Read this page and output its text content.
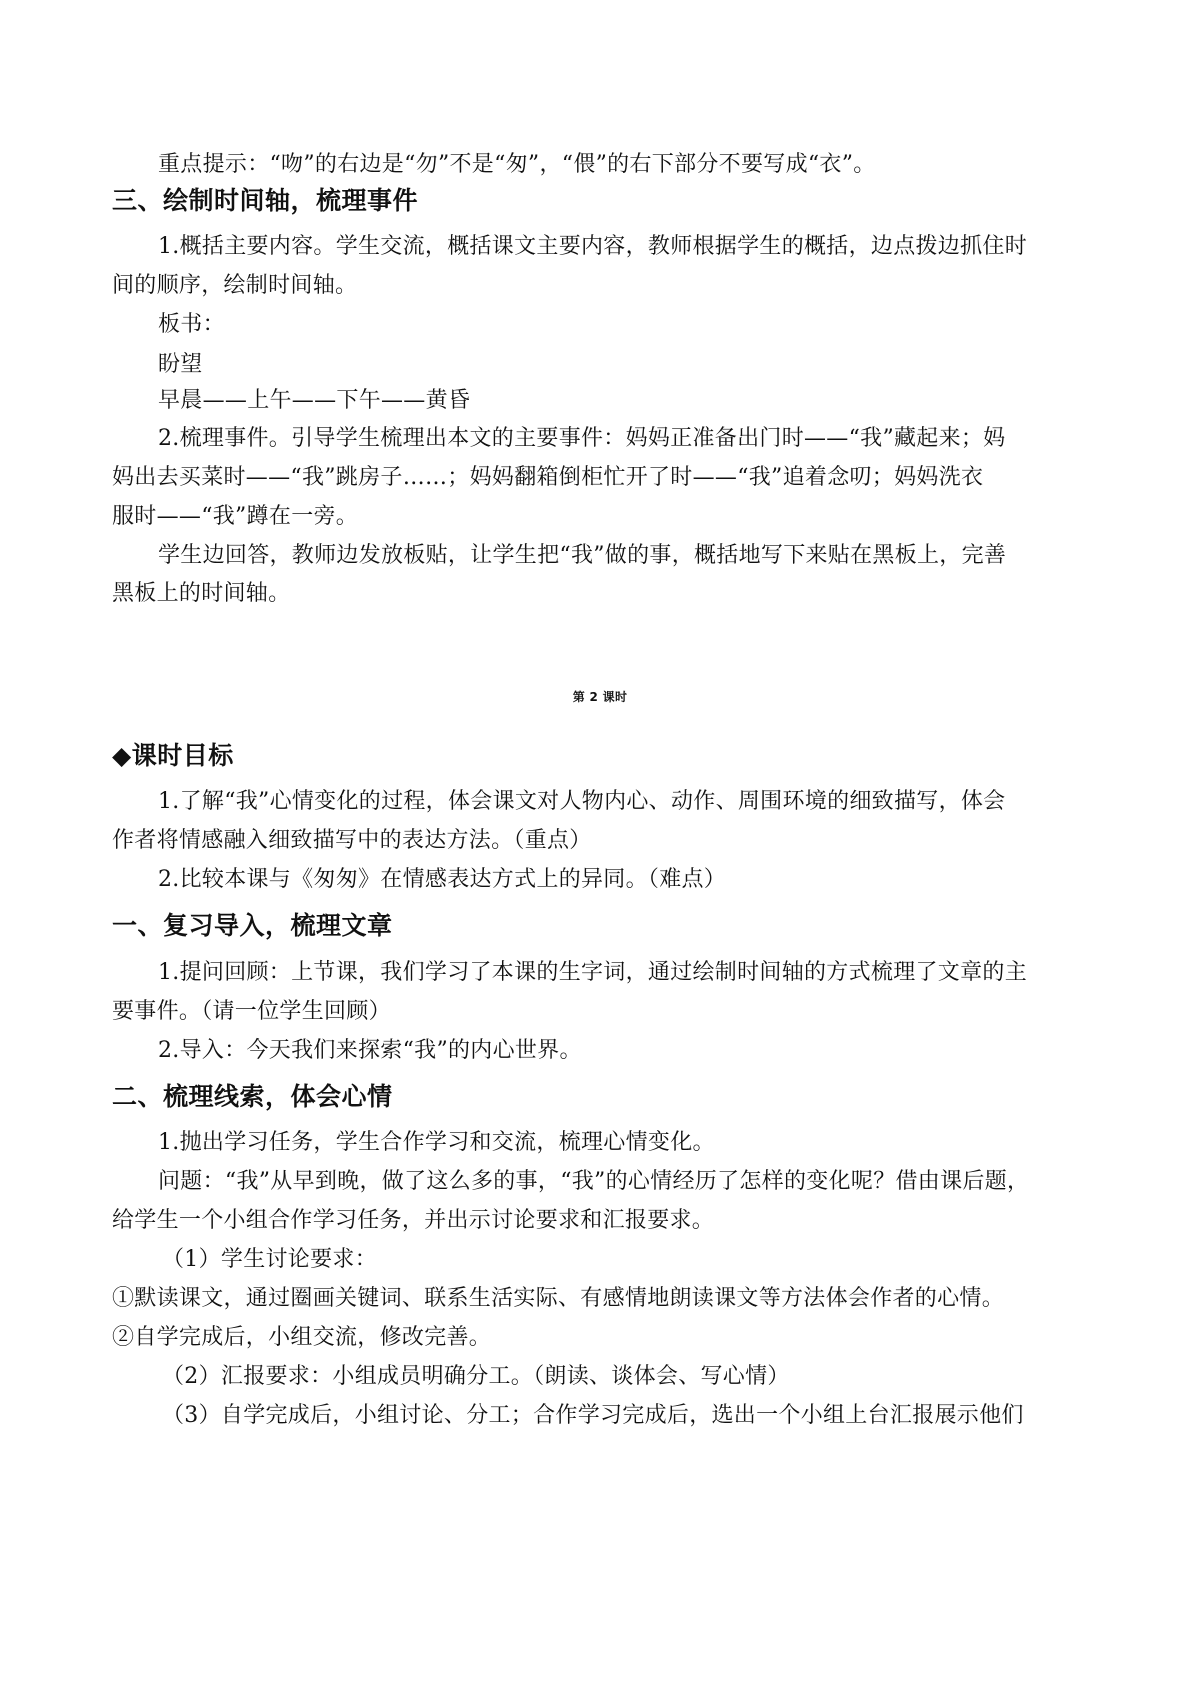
重点提示：“吻”的右边是“勿”不是“匆”，“偎”的右下部分不要写成“衣”。
三、绘制时间轴，梳理事件
1.概括主要内容。学生交流，概括课文主要内容，教师根据学生的概括，边点拨边抓住时
间的顺序，绘制时间轴。
板书：
盼望
早晨——上午——下午——黄昏
2.梳理事件。引导学生梳理出本文的主要事件：妈妈正准备出门时——“我”藏起来；妈
妈出去买菜时——“我”跳房子……；妈妈翻箱倒柜忙开了时——“我”追着念叨；妈妈洗衣
服时——“我”蹲在一旁。
学生边回答，教师边发放板贴，让学生把“我”做的事，概括地写下来贴在黑板上，完善
黑板上的时间轴。
第 2 课时
◆课时目标
1.了解“我”心情变化的过程，体会课文对人物内心、动作、周围环境的细致描写，体会
作者将情感融入细致描写中的表达方法。（重点）
2.比较本课与《匆匆》在情感表达方式上的异同。（难点）
一、复习导入，梳理文章
1.提问回顾：上节课，我们学习了本课的生字词，通过绘制时间轴的方式梳理了文章的主
要事件。（请一位学生回顾）
2.导入：今天我们来探索“我”的内心世界。
二、梳理线索，体会心情
1.抛出学习任务，学生合作学习和交流，梳理心情变化。
问题：“我”从早到晚，做了这么多的事，“我”的心情经历了怎样的变化呢？借由课后题，
给学生一个小组合作学习任务，并出示讨论要求和汇报要求。
（1）学生讨论要求：
①默读课文，通过圈画关键词、联系生活实际、有感情地朗读课文等方法体会作者的心情。
②自学完成后，小组交流，修改完善。
（2）汇报要求：小组成员明确分工。（朗读、谈体会、写心情）
（3）自学完成后，小组讨论、分工；合作学习完成后，选出一个小组上台汇报展示他们
